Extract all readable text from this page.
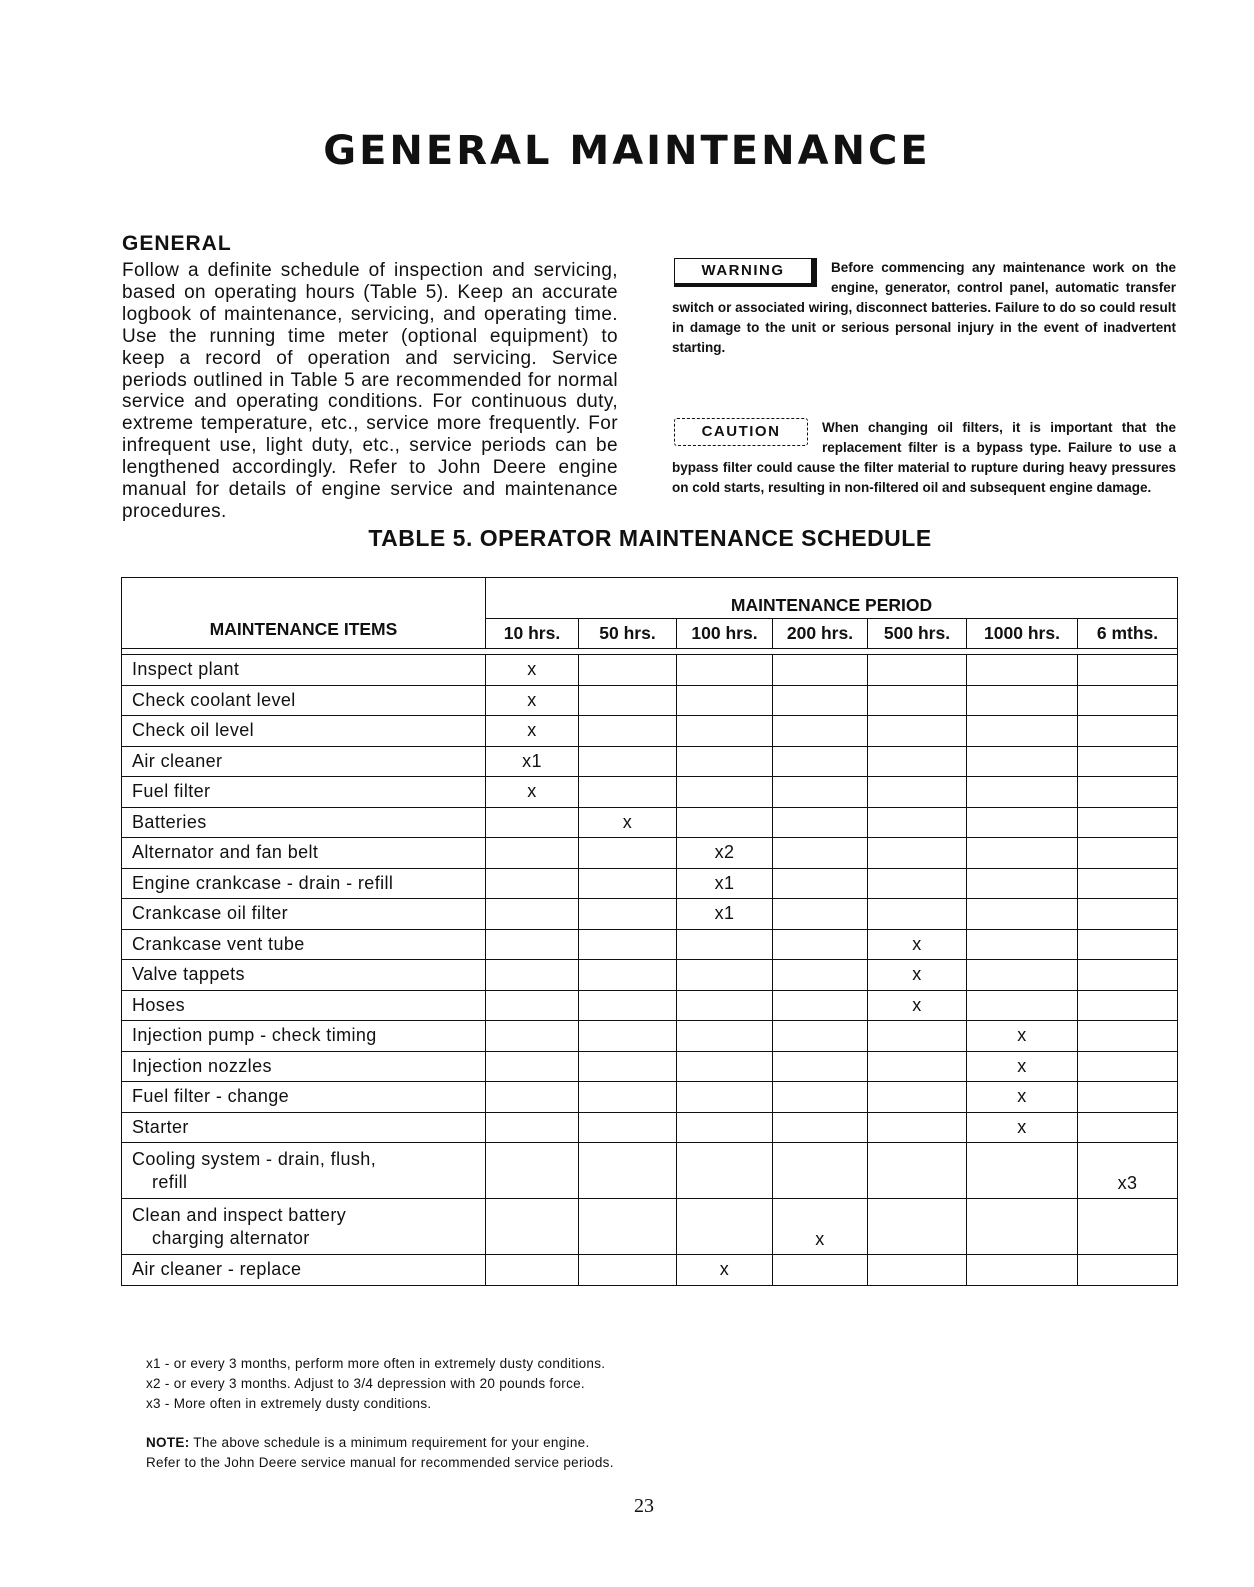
GENERAL MAINTENANCE
GENERAL

Follow a definite schedule of inspection and servicing, based on operating hours (Table 5). Keep an accurate logbook of maintenance, servicing, and operating time. Use the running time meter (optional equipment) to keep a record of operation and servicing. Service periods outlined in Table 5 are recommended for normal service and operating conditions. For continuous duty, extreme temperature, etc., service more frequently. For infrequent use, light duty, etc., service periods can be lengthened accordingly. Refer to John Deere engine manual for details of engine service and maintenance procedures.

WARNING	Before commencing any maintenance work on the engine, generator, control panel, automatic transfer switch or associated wiring, disconnect batteries. Failure to do so could result in damage to the unit or serious personal injury in the event of inadvertent starting.
CAUTION	When changing oil filters, it is important that the replacement filter is a bypass type. Failure to use a bypass filter could cause the filter material to rupture during heavy pressures on cold starts, resulting in non-filtered oil and subsequent engine damage.
TABLE 5. OPERATOR MAINTENANCE SCHEDULE
MAINTENANCE ITEMS	MAINTENANCE PERIOD						
	10 hrs.	50 hrs.	100 hrs.	200 hrs.	500 hrs.	1000 hrs.	6 mths.

Inspect plant	x						

Check coolant level	x						

Check oil level	x						

Air cleaner	x1						

Fuel filter	x						

Batteries		x					

Alternator and fan belt			x2				

Engine crankcase - drain - refill			x1				

Crankcase oil filter			x1				

Crankcase vent tube					x		

Valve tappets					x		

Hoses					x		

Injection pump - check timing						x	

Injection nozzles						x	

Fuel filter - change						x	

Starter						x	

Cooling system - drain, flush,
refill							x3

Clean and inspect battery
charging alternator				x			

Air cleaner - replace			x				
x1 - or every 3 months, perform more often in extremely dusty conditions.
x2 - or every 3 months. Adjust to 3/4 depression with 20 pounds force.
x3 - More often in extremely dusty conditions.
NOTE: The above schedule is a minimum requirement for your engine.
Refer to the John Deere service manual for recommended service periods.

23
